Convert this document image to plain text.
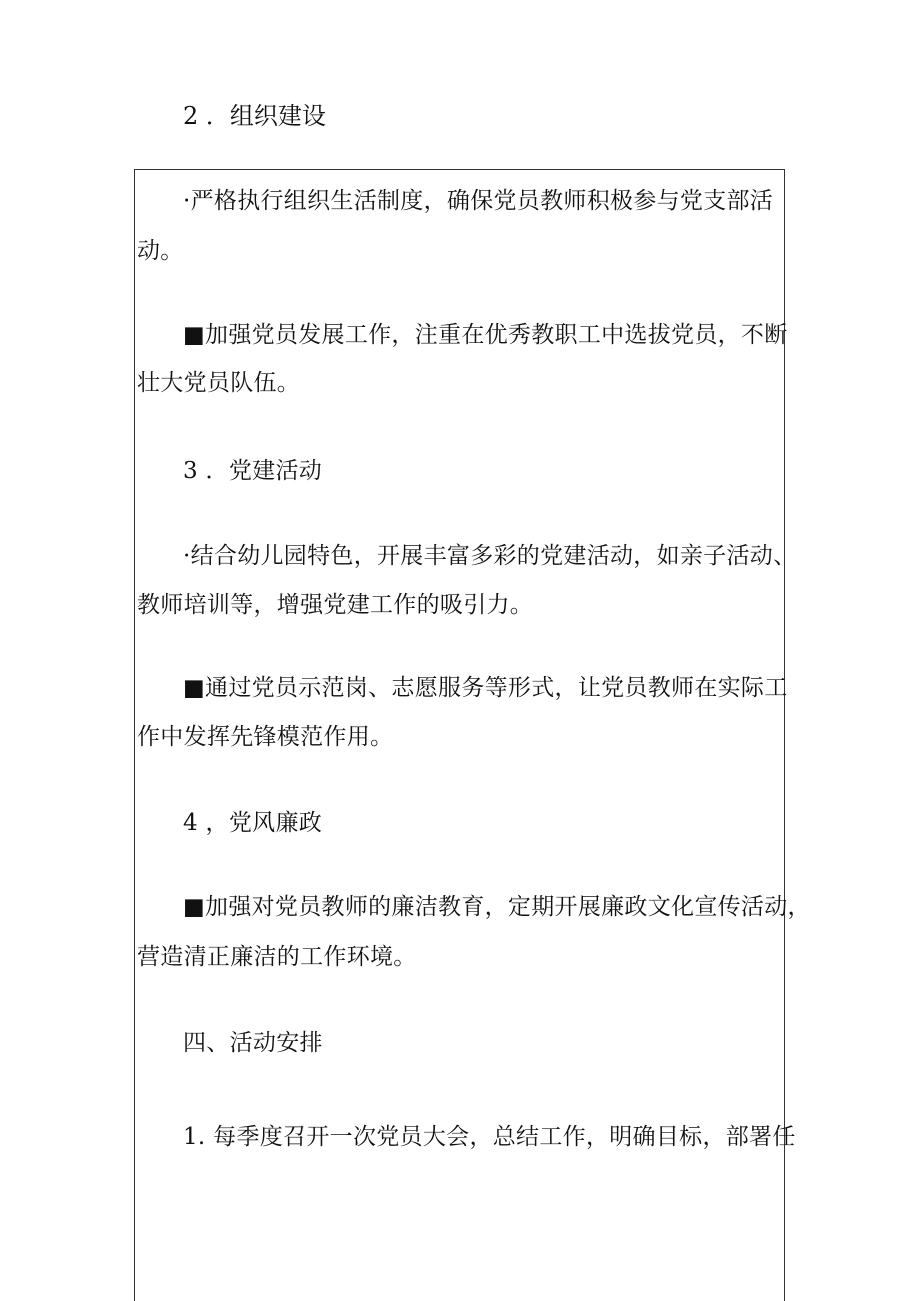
2 ．组织建设
·严格执行组织生活制度，确保党员教师积极参与党支部活
动。
■加强党员发展工作，注重在优秀教职工中选拔党员，不断
壮大党员队伍。
3 ．党建活动
·结合幼儿园特色，开展丰富多彩的党建活动，如亲子活动、
教师培训等，增强党建工作的吸引力。
■通过党员示范岗、志愿服务等形式，让党员教师在实际工
作中发挥先锋模范作用。
4 ，党风廉政
■加强对党员教师的廉洁教育，定期开展廉政文化宣传活动，
营造清正廉洁的工作环境。
四、活动安排
1. 每季度召开一次党员大会，总结工作，明确目标，部署任
